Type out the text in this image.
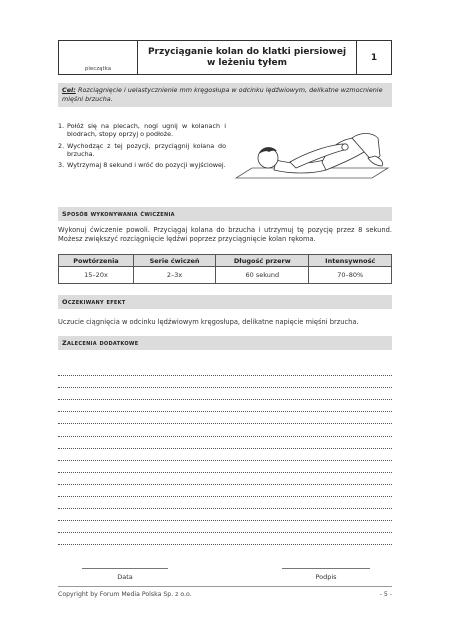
pieczątka
Przyciąganie kolan do klatki piersiowej w leżeniu tyłem	1
Cel: Rozciągnięcie i uelastycznienie mm kręgosłupa w odcinku lędźwiowym, delikatne wzmocnienie mięśni brzucha.
1. Połóż się na plecach, nogi ugnij w kolanach i biodrach, stopy oprzyj o podłoże.
2. Wychodząc z tej pozycji, przyciągnij kolana do brzucha.
3. Wytrzymaj 8 sekund i wróć do pozycji wyjściowej.
Sposób wykonywania ćwiczenia
Wykonuj ćwiczenie powoli. Przyciągaj kolana do brzucha i utrzymuj tę pozycję przez 8 sekund. Możesz zwiększyć rozciągnięcie lędźwi poprzez przyciągnięcie kolan rękoma.
Powtórzenia	Serie ćwiczeń	Długość przerw	Intensywność
15–20x	2–3x	60 sekund	70–80%
Oczekiwany efekt
Uczucie ciągnięcia w odcinku lędźwiowym kręgosłupa, delikatne napięcie mięśni brzucha.
Zalecenia dodatkowe
Data	Podpis
Copyright by Forum Media Polska Sp. z o.o.	- 5 -
